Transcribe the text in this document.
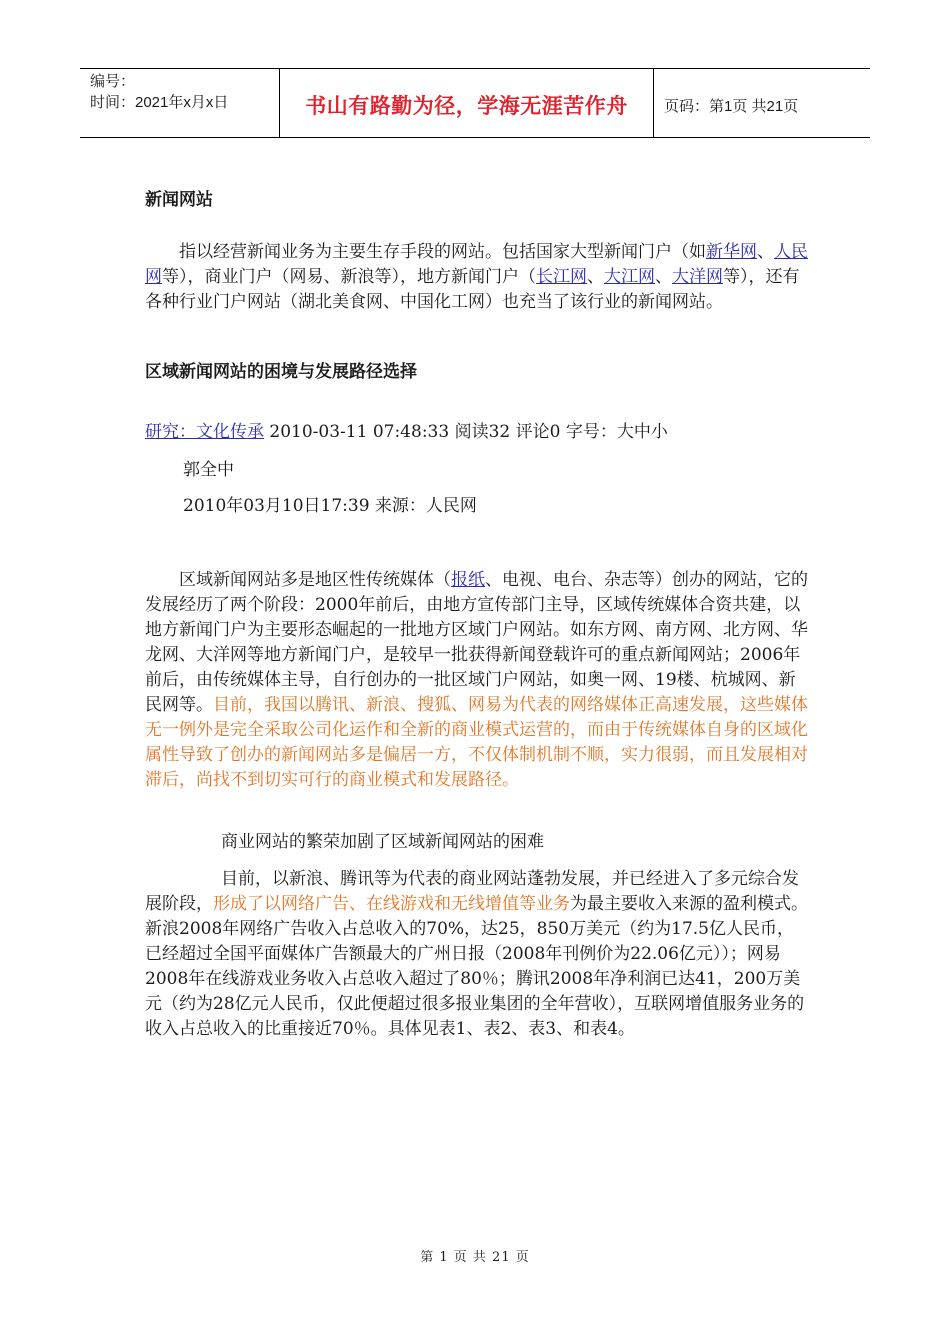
编号：
时间：2021年x月x日	书山有路勤为径，学海无涯苦作舟	页码：第1页 共21页
新闻网站
指以经营新闻业务为主要生存手段的网站。包括国家大型新闻门户（如新华网、人民网等），商业门户（网易、新浪等），地方新闻门户（长江网、大江网、大洋网等），还有各种行业门户网站（湖北美食网、中国化工网）也充当了该行业的新闻网站。
区域新闻网站的困境与发展路径选择
研究：文化传承 2010-03-11 07:48:33 阅读32 评论0 字号：大中小
郭全中
2010年03月10日17:39 来源：人民网
区域新闻网站多是地区性传统媒体（报纸、电视、电台、杂志等）创办的网站，它的发展经历了两个阶段：2000年前后，由地方宣传部门主导，区域传统媒体合资共建，以地方新闻门户为主要形态崛起的一批地方区域门户网站。如东方网、南方网、北方网、华龙网、大洋网等地方新闻门户，是较早一批获得新闻登载许可的重点新闻网站；2006年前后，由传统媒体主导，自行创办的一批区域门户网站，如奥一网、19楼、杭城网、新民网等。目前，我国以腾讯、新浪、搜狐、网易为代表的网络媒体正高速发展，这些媒体无一例外是完全采取公司化运作和全新的商业模式运营的，而由于传统媒体自身的区域化属性导致了创办的新闻网站多是偏居一方，不仅体制机制不顺，实力很弱，而且发展相对滞后，尚找不到切实可行的商业模式和发展路径。
商业网站的繁荣加剧了区域新闻网站的困难
目前，以新浪、腾讯等为代表的商业网站蓬勃发展，并已经进入了多元综合发展阶段，形成了以网络广告、在线游戏和无线增值等业务为最主要收入来源的盈利模式。新浪2008年网络广告收入占总收入的70%，达25，850万美元（约为17.5亿人民币，已经超过全国平面媒体广告额最大的广州日报（2008年刊例价为22.06亿元））；网易2008年在线游戏业务收入占总收入超过了80％；腾讯2008年净利润已达41，200万美元（约为28亿元人民币，仅此便超过很多报业集团的全年营收），互联网增值服务业务的收入占总收入的比重接近70％。具体见表1、表2、表3、和表4。
第 1 页 共 21 页
